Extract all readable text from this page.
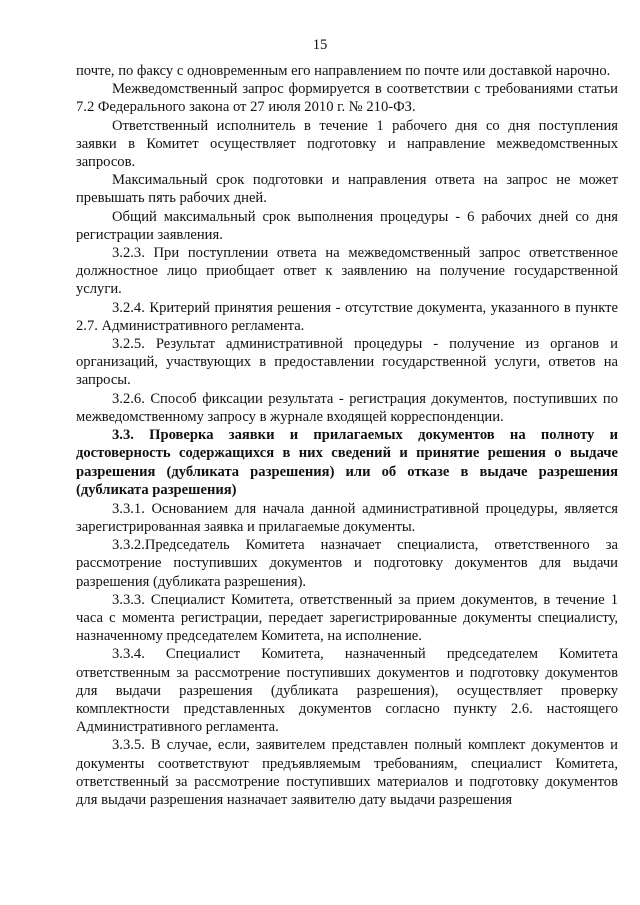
15

почте, по факсу с одновременным его направлением по почте или доставкой нарочно.

Межведомственный запрос формируется в соответствии с требованиями статьи 7.2 Федерального закона от 27 июля 2010 г. № 210-ФЗ.

Ответственный исполнитель в течение 1 рабочего дня со дня поступления заявки в Комитет осуществляет подготовку и направление межведомственных запросов.

Максимальный срок подготовки и направления ответа на запрос не может превышать пять рабочих дней.

Общий максимальный срок выполнения процедуры - 6 рабочих дней со дня регистрации заявления.

3.2.3. При поступлении ответа на межведомственный запрос ответственное должностное лицо приобщает ответ к заявлению на получение государственной услуги.

3.2.4. Критерий принятия решения - отсутствие документа, указанного в пункте 2.7. Административного регламента.

3.2.5. Результат административной процедуры - получение из органов и организаций, участвующих в предоставлении государственной услуги, ответов на запросы.

3.2.6. Способ фиксации результата - регистрация документов, поступивших по межведомственному запросу в журнале входящей корреспонденции.

3.3. Проверка заявки и прилагаемых документов на полноту и достоверность содержащихся в них сведений и принятие решения о выдаче разрешения (дубликата разрешения) или об отказе в выдаче разрешения (дубликата разрешения)

3.3.1. Основанием для начала данной административной процедуры, является зарегистрированная заявка и прилагаемые документы.

3.3.2.Председатель Комитета назначает специалиста, ответственного за рассмотрение поступивших документов и подготовку документов для выдачи разрешения (дубликата разрешения).

3.3.3. Специалист Комитета, ответственный за прием документов, в течение 1 часа с момента регистрации, передает зарегистрированные документы специалисту, назначенному председателем Комитета, на исполнение.

3.3.4. Специалист Комитета, назначенный председателем Комитета ответственным за рассмотрение поступивших документов и подготовку документов для выдачи разрешения (дубликата разрешения), осуществляет проверку комплектности представленных документов согласно пункту 2.6. настоящего Административного регламента.

3.3.5. В случае, если, заявителем представлен полный комплект документов и документы соответствуют предъявляемым требованиям, специалист Комитета, ответственный за рассмотрение поступивших материалов и подготовку документов для выдачи разрешения назначает заявителю дату выдачи разрешения
